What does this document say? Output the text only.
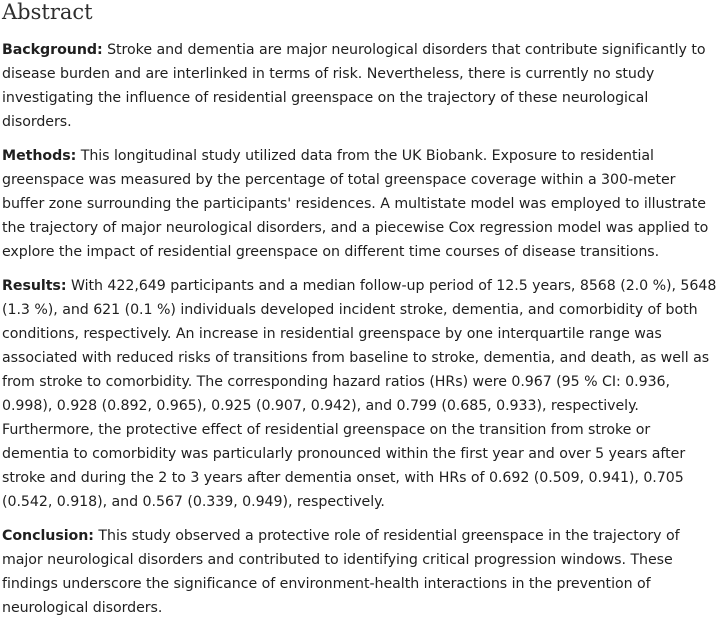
Abstract

Background: Stroke and dementia are major neurological disorders that contribute significantly to disease burden and are interlinked in terms of risk. Nevertheless, there is currently no study investigating the influence of residential greenspace on the trajectory of these neurological disorders.

Methods: This longitudinal study utilized data from the UK Biobank. Exposure to residential greenspace was measured by the percentage of total greenspace coverage within a 300-meter buffer zone surrounding the participants' residences. A multistate model was employed to illustrate the trajectory of major neurological disorders, and a piecewise Cox regression model was applied to explore the impact of residential greenspace on different time courses of disease transitions.

Results: With 422,649 participants and a median follow-up period of 12.5 years, 8568 (2.0 %), 5648 (1.3 %), and 621 (0.1 %) individuals developed incident stroke, dementia, and comorbidity of both conditions, respectively. An increase in residential greenspace by one interquartile range was associated with reduced risks of transitions from baseline to stroke, dementia, and death, as well as from stroke to comorbidity. The corresponding hazard ratios (HRs) were 0.967 (95 % CI: 0.936, 0.998), 0.928 (0.892, 0.965), 0.925 (0.907, 0.942), and 0.799 (0.685, 0.933), respectively. Furthermore, the protective effect of residential greenspace on the transition from stroke or dementia to comorbidity was particularly pronounced within the first year and over 5 years after stroke and during the 2 to 3 years after dementia onset, with HRs of 0.692 (0.509, 0.941), 0.705 (0.542, 0.918), and 0.567 (0.339, 0.949), respectively.

Conclusion: This study observed a protective role of residential greenspace in the trajectory of major neurological disorders and contributed to identifying critical progression windows. These findings underscore the significance of environment-health interactions in the prevention of neurological disorders.
